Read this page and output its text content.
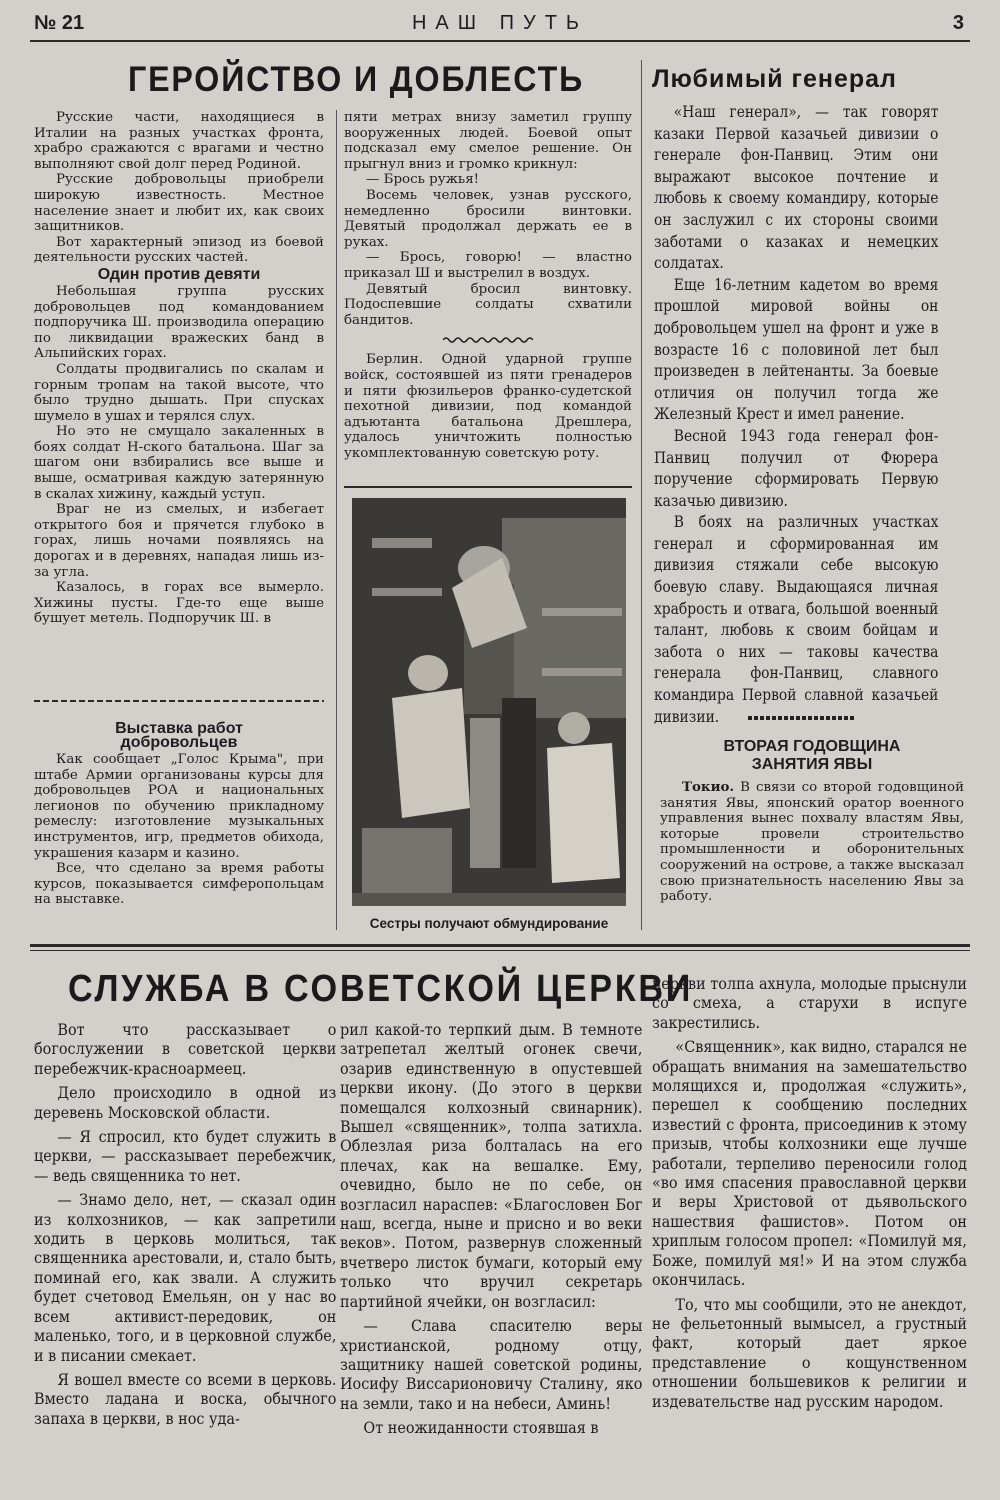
№ 21	НАШ ПУТЬ	3
ГЕРОЙСТВО И ДОБЛЕСТЬ

Русские части, находящиеся в Италии на разных участках фронта, храбро сражаются с врагами и честно выполняют свой долг перед Родиной.

Русские добровольцы приобрели широкую известность. Местное население знает и любит их, как своих защитников.

Вот характерный эпизод из боевой деятельности русских частей.

Один против девяти

Небольшая группа русских добровольцев под командованием подпоручика Ш. производила операцию по ликвидации вражеских банд в Альпийских горах.

Солдаты продвигались по скалам и горным тропам на такой высоте, что было трудно дышать. При спусках шумело в ушах и терялся слух.

Но это не смущало закаленных в боях солдат Н-ского батальона. Шаг за шагом они взбирались все выше и выше, осматривая каждую затерянную в скалах хижину, каждый уступ.

Враг не из смелых, и избегает открытого боя и прячется глубоко в горах, лишь ночами появляясь на дорогах и в деревнях, нападая лишь из-за угла.

Казалось, в горах все вымерло. Хижины пусты. Где-то еще выше бушует метель. Подпоручик Ш. в

Выставка работ

добровольцев

Как сообщает „Голос Крыма", при штабе Армии организованы курсы для добровольцев РОА и национальных легионов по обучению прикладному ремеслу: изготовление музыкальных инструментов, игр, предметов обихода, украшения казарм и казино.

Все, что сделано за время работы курсов, показывается симферопольцам на выставке.

пяти метрах внизу заметил группу вооруженных людей. Боевой опыт подсказал ему смелое решение. Он прыгнул вниз и громко крикнул:

— Брось ружья!

Восемь человек, узнав русского, немедленно бросили винтовки. Девятый продолжал держать ее в руках.

— Брось, говорю! — властно приказал Ш и выстрелил в воздух.

Девятый бросил винтовку. Подоспевшие солдаты схватили бандитов.

Берлин. Одной ударной группе войск, состоявшей из пяти гренадеров и пяти фюзильеров франко-судетской пехотной дивизии, под командой адъютанта батальона Дрешлера, удалось уничтожить полностью укомплектованную советскую роту.

Сестры получают обмундирование
Любимый генерал

«Наш генерал», — так говорят казаки Первой казачьей дивизии о генерале фон-Панвиц. Этим они выражают высокое почтение и любовь к своему командиру, которые он заслужил с их стороны своими заботами о казаках и немецких солдатах.

Еще 16-летним кадетом во время прошлой мировой войны он добровольцем ушел на фронт и уже в возрасте 16 с половиной лет был произведен в лейтенанты. За боевые отличия он получил тогда же Железный Крест и имел ранение.

Весной 1943 года генерал фон-Панвиц получил от Фюрера поручение сформировать Первую казачью дивизию.

В боях на различных участках генерал и сформированная им дивизия стяжали себе высокую боевую славу. Выдающаяся личная храбрость и отвага, большой военный талант, любовь к своим бойцам и забота о них — таковы качества генерала фон-Панвиц, славного командира Первой славной казачьей дивизии.

ВТОРАЯ ГОДОВЩИНА

ЗАНЯТИЯ ЯВЫ

Токио. В связи со второй годовщиной занятия Явы, японский оратор военного управления вынес похвалу властям Явы, которые провели строительство промышленности и оборонительных сооружений на острове, а также высказал свою признательность населению Явы за работу.

СЛУЖБА В СОВЕТСКОЙ ЦЕРКВИ

Вот что рассказывает о богослужении в советской церкви перебежчик-красноармеец.

Дело происходило в одной из деревень Московской области.

— Я спросил, кто будет служить в церкви, — рассказывает перебежчик, — ведь священника то нет.

— Знамо дело, нет, — сказал один из колхозников, — как запретили ходить в церковь молиться, так священника арестовали, и, стало быть, поминай его, как звали. А служить будет счетовод Емельян, он у нас во всем активист-передовик, он маленько, того, и в церковной службе, и в писании смекает.

Я вошел вместе со всеми в церковь. Вместо ладана и воска, обычного запаха в церкви, в нос уда-

рил какой-то терпкий дым. В темноте затрепетал желтый огонек свечи, озарив единственную в опустевшей церкви икону. (До этого в церкви помещался колхозный свинарник). Вышел «священник», толпа затихла. Облезлая риза болталась на его плечах, как на вешалке. Ему, очевидно, было не по себе, он возгласил нараспев: «Благословен Бог наш, всегда, ныне и присно и во веки веков». Потом, развернув сложенный вчетверо листок бумаги, который ему только что вручил секретарь партийной ячейки, он возгласил:

— Слава спасителю веры христианской, родному отцу, защитнику нашей советской родины, Иосифу Виссарионовичу Сталину, яко на земли, тако и на небеси, Аминь!

От неожиданности стоявшая в

церкви толпа ахнула, молодые прыснули со смеха, а старухи в испуге закрестились.

«Священник», как видно, старался не обращать внимания на замешательство молящихся и, продолжая «служить», перешел к сообщению последних известий с фронта, присоединив к этому призыв, чтобы колхозники еще лучше работали, терпеливо переносили голод «во имя спасения православной церкви и веры Христовой от дьявольского нашествия фашистов». Потом он хриплым голосом пропел: «Помилуй мя, Боже, помилуй мя!» И на этом служба окончилась.

То, что мы сообщили, это не анекдот, не фельетонный вымысел, а грустный факт, который дает яркое представление о кощунственном отношении большевиков к религии и издевательстве над русским народом.
